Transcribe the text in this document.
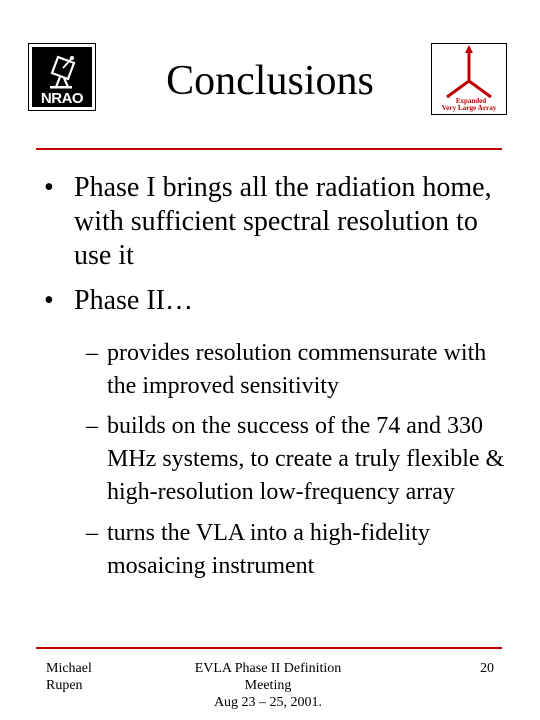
NRAO	Expanded
Very Large Array
Conclusions
• Phase I brings all the radiation home, with sufficient spectral resolution to use it
• Phase II…
– provides resolution commensurate with the improved sensitivity
– builds on the success of the 74 and 330 MHz systems, to create a truly flexible & high-resolution low-frequency array
– turns the VLA into a high-fidelity mosaicing instrument
Michael
Rupen
EVLA Phase II Definition
Meeting
Aug 23 – 25, 2001.
20
